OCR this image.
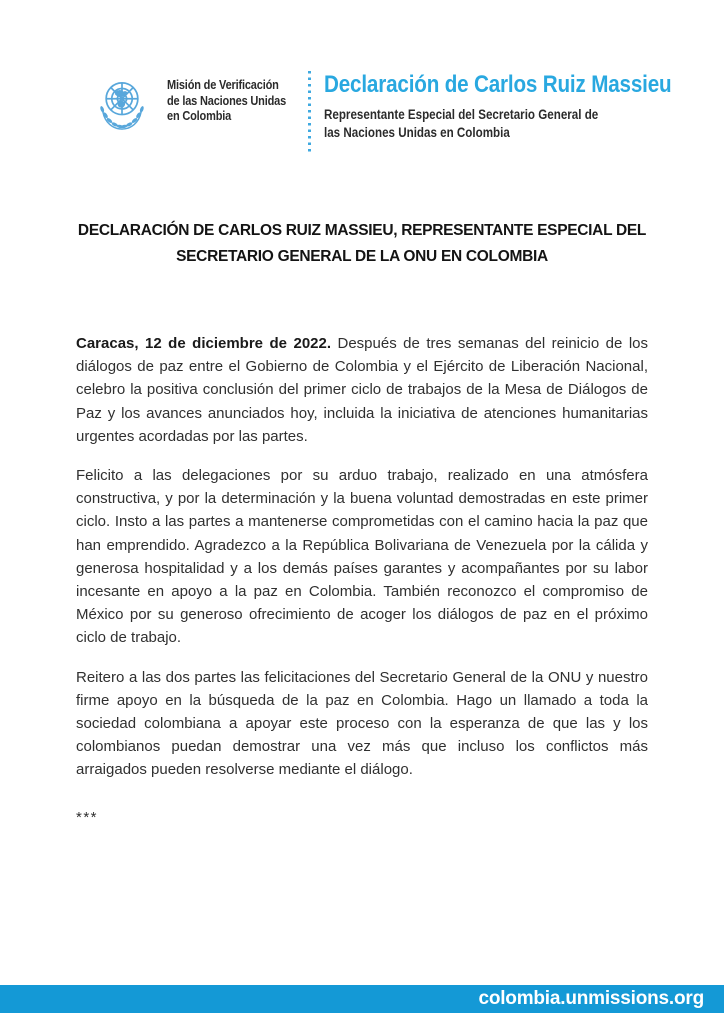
Misión de Verificación
de las Naciones Unidas
en Colombia
Declaración de Carlos Ruiz Massieu
Representante Especial del Secretario General de
las Naciones Unidas en Colombia
DECLARACIÓN DE CARLOS RUIZ MASSIEU, REPRESENTANTE ESPECIAL DEL
SECRETARIO GENERAL DE LA ONU EN COLOMBIA

Caracas, 12 de diciembre de 2022. Después de tres semanas del reinicio de los diálogos de paz entre el Gobierno de Colombia y el Ejército de Liberación Nacional, celebro la positiva conclusión del primer ciclo de trabajos de la Mesa de Diálogos de Paz y los avances anunciados hoy, incluida la iniciativa de atenciones humanitarias urgentes acordadas por las partes.

Felicito a las delegaciones por su arduo trabajo, realizado en una atmósfera constructiva, y por la determinación y la buena voluntad demostradas en este primer ciclo. Insto a las partes a mantenerse comprometidas con el camino hacia la paz que han emprendido. Agradezco a la República Bolivariana de Venezuela por la cálida y generosa hospitalidad y a los demás países garantes y acompañantes por su labor incesante en apoyo a la paz en Colombia. También reconozco el compromiso de México por su generoso ofrecimiento de acoger los diálogos de paz en el próximo ciclo de trabajo.

Reitero a las dos partes las felicitaciones del Secretario General de la ONU y nuestro firme apoyo en la búsqueda de la paz en Colombia. Hago un llamado a toda la sociedad colombiana a apoyar este proceso con la esperanza de que las y los colombianos puedan demostrar una vez más que incluso los conflictos más arraigados pueden resolverse mediante el diálogo.

***
colombia.unmissions.org
